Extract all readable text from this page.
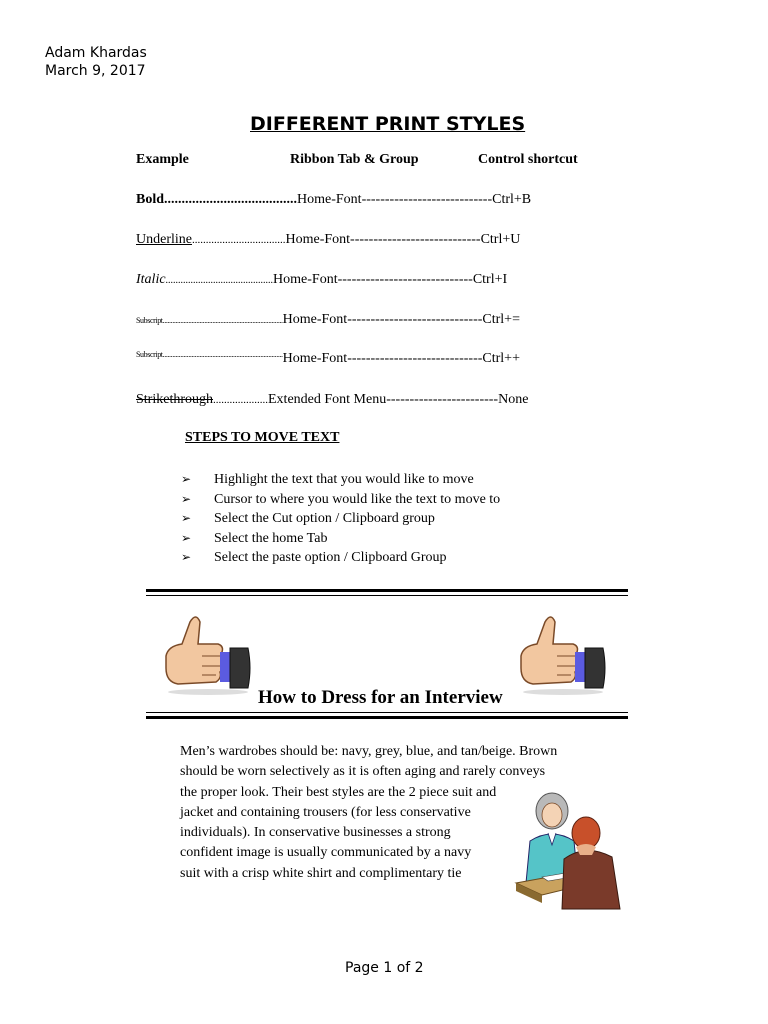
Adam Khardas
March 9, 2017
DIFFERENT PRINT STYLES
Example	Ribbon Tab & Group	Control shortcut
Bold......................................Home-Font----------------------------Ctrl+B
Underline..................................Home-Font----------------------------Ctrl+U
Italic...........................................Home-Font-----------------------------Ctrl+I
Subscript...........................................................................Home-Font-----------------------------Ctrl+=
$^{Subscript...........................................................................}$Home-Font-----------------------------Ctrl++
Strikethrough....................Extended Font Menu------------------------None
STEPS TO MOVE TEXT
➢ Highlight the text that you would like to move
➢ Cursor to where you would like the text to move to
➢ Select the Cut option / Clipboard group
➢ Select the home Tab
➢ Select the paste option / Clipboard Group
How to Dress for an Interview
Men’s wardrobes should be: navy, grey, blue, and tan/beige. Brown
should be worn selectively as it is often aging and rarely conveys
the proper look. Their best styles are the 2 piece suit and
jacket and containing trousers (for less conservative
individuals). In conservative businesses a strong
confident image is usually communicated by a navy
suit with a crisp white shirt and complimentary tie
Page 1 of 2
